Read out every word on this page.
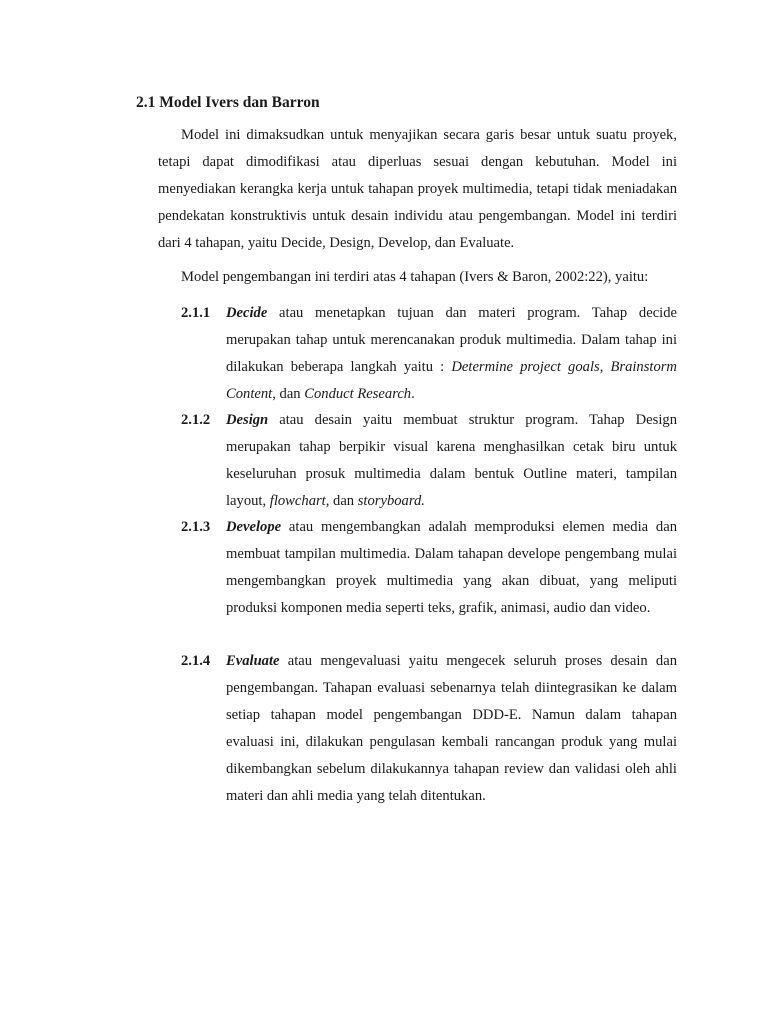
2.1 Model Ivers dan Barron

Model ini dimaksudkan untuk menyajikan secara garis besar untuk suatu proyek, tetapi dapat dimodifikasi atau diperluas sesuai dengan kebutuhan. Model ini menyediakan kerangka kerja untuk tahapan proyek multimedia, tetapi tidak meniadakan pendekatan konstruktivis untuk desain individu atau pengembangan. Model ini terdiri dari 4 tahapan, yaitu Decide, Design, Develop, dan Evaluate.

Model pengembangan ini terdiri atas 4 tahapan (Ivers & Baron, 2002:22), yaitu:

2.1.1 Decide atau menetapkan tujuan dan materi program. Tahap decide merupakan tahap untuk merencanakan produk multimedia. Dalam tahap ini dilakukan beberapa langkah yaitu : Determine project goals, Brainstorm Content, dan Conduct Research.
2.1.2 Design atau desain yaitu membuat struktur program. Tahap Design merupakan tahap berpikir visual karena menghasilkan cetak biru untuk keseluruhan prosuk multimedia dalam bentuk Outline materi, tampilan layout, flowchart, dan storyboard.
2.1.3 Develope atau mengembangkan adalah memproduksi elemen media dan membuat tampilan multimedia. Dalam tahapan develope pengembang mulai mengembangkan proyek multimedia yang akan dibuat, yang meliputi produksi komponen media seperti teks, grafik, animasi, audio dan video.
2.1.4 Evaluate atau mengevaluasi yaitu mengecek seluruh proses desain dan pengembangan. Tahapan evaluasi sebenarnya telah diintegrasikan ke dalam setiap tahapan model pengembangan DDD-E. Namun dalam tahapan evaluasi ini, dilakukan pengulasan kembali rancangan produk yang mulai dikembangkan sebelum dilakukannya tahapan review dan validasi oleh ahli materi dan ahli media yang telah ditentukan.
